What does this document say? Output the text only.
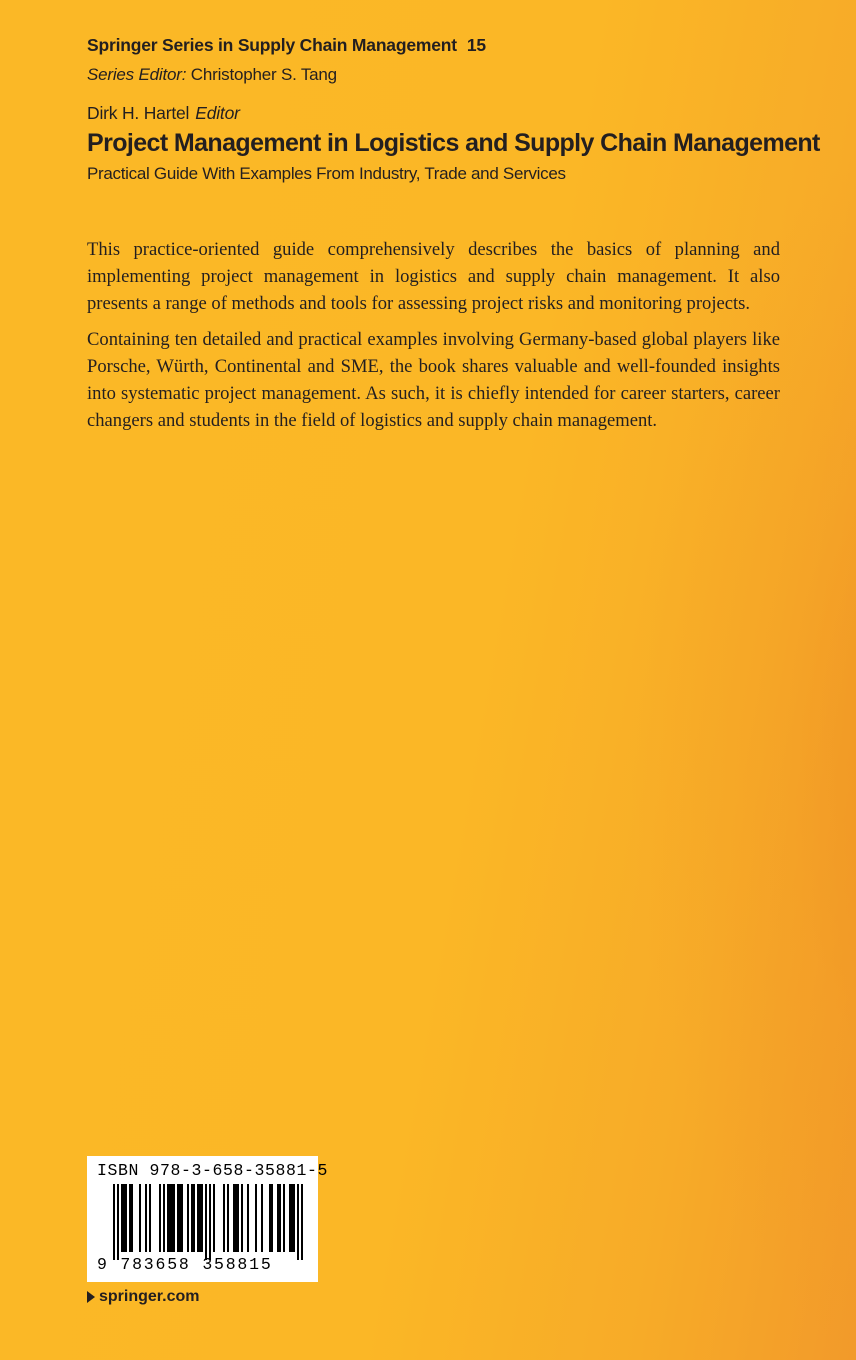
Springer Series in Supply Chain Management 15
Series Editor: Christopher S. Tang
Dirk H. Hartel Editor
Project Management in Logistics and Supply Chain Management
Practical Guide With Examples From Industry, Trade and Services

This practice-oriented guide comprehensively describes the basics of planning and implementing project management in logistics and supply chain management. It also presents a range of methods and tools for assessing project risks and monitoring projects.

Containing ten detailed and practical examples involving Germany-based global players like Porsche, Würth, Continental and SME, the book shares valuable and well-founded insights into systematic project management. As such, it is chiefly intended for career starters, career changers and students in the field of logistics and supply chain management.

ISBN 978-3-658-35881-5
9 783658 358815
springer.com
